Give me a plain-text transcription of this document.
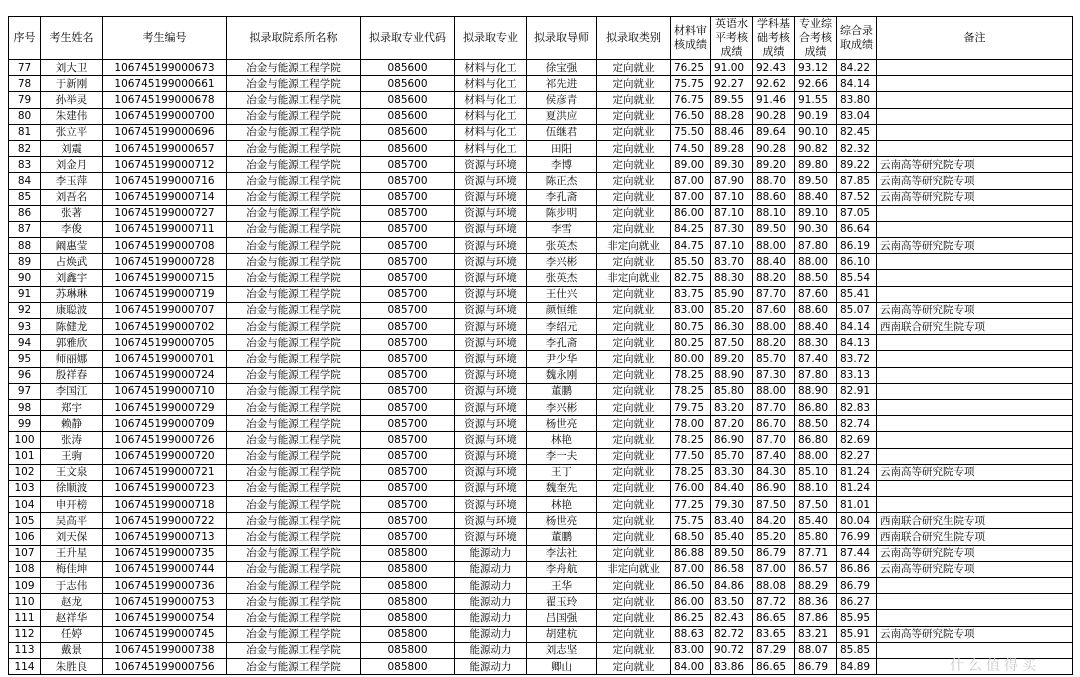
序号	考生姓名	考生编号	拟录取院系所名称	拟录取专业代码	拟录取专业	拟录取导师	拟录取类别	材料审核成绩	英语水平考核成绩	学科基础考核成绩	专业综合考核成绩	综合录取成绩	备注
77	刘大卫	106745199000673	冶金与能源工程学院	085600	材料与化工	徐宝强	定向就业	76.25	91.00	92.43	93.12	84.22	
78	于新刚	106745199000661	冶金与能源工程学院	085600	材料与化工	祁先进	定向就业	75.75	92.27	92.62	92.66	84.14	
79	孙举灵	106745199000678	冶金与能源工程学院	085600	材料与化工	侯彦青	定向就业	76.75	89.55	91.46	91.55	83.80	
80	朱建伟	106745199000700	冶金与能源工程学院	085600	材料与化工	夏洪应	定向就业	76.50	88.28	90.28	90.19	83.04	
81	张立平	106745199000696	冶金与能源工程学院	085600	材料与化工	伍继君	定向就业	75.50	88.46	89.64	90.10	82.45	
82	刘震	106745199000657	冶金与能源工程学院	085600	材料与化工	田阳	定向就业	74.50	89.28	90.28	90.82	82.32	
83	刘金月	106745199000712	冶金与能源工程学院	085700	资源与环境	李博	定向就业	89.00	89.30	89.20	89.80	89.22	云南高等研究院专项
84	李玉萍	106745199000716	冶金与能源工程学院	085700	资源与环境	陈正杰	定向就业	87.00	87.90	88.70	89.50	87.85	云南高等研究院专项
85	刘吾名	106745199000714	冶金与能源工程学院	085700	资源与环境	李孔斋	定向就业	87.00	87.10	88.60	88.40	87.52	云南高等研究院专项
86	张著	106745199000727	冶金与能源工程学院	085700	资源与环境	陈步明	定向就业	86.00	87.10	88.10	89.10	87.05	
87	李俊	106745199000711	冶金与能源工程学院	085700	资源与环境	李雪	定向就业	84.25	87.30	89.50	90.30	86.64	
88	阚惠莹	106745199000708	冶金与能源工程学院	085700	资源与环境	张英杰	非定向就业	84.75	87.10	88.00	87.80	86.19	云南高等研究院专项
89	占焕武	106745199000728	冶金与能源工程学院	085700	资源与环境	李兴彬	定向就业	85.50	83.70	88.40	88.00	86.10	
90	刘鑫宇	106745199000715	冶金与能源工程学院	085700	资源与环境	张英杰	非定向就业	82.75	88.30	88.20	88.50	85.54	
91	苏琳琳	106745199000719	冶金与能源工程学院	085700	资源与环境	王仕兴	定向就业	83.75	85.90	87.70	87.60	85.41	
92	康聪波	106745199000707	冶金与能源工程学院	085700	资源与环境	颜恒维	定向就业	83.00	85.20	87.60	88.60	85.07	云南高等研究院专项
93	陈健龙	106745199000702	冶金与能源工程学院	085700	资源与环境	李绍元	定向就业	80.75	86.30	88.00	88.40	84.14	西南联合研究生院专项
94	郭雅欣	106745199000705	冶金与能源工程学院	085700	资源与环境	李孔斋	定向就业	80.25	87.50	88.20	88.30	84.13	
95	师丽娜	106745199000701	冶金与能源工程学院	085700	资源与环境	尹少华	定向就业	80.00	89.20	85.70	87.40	83.72	
96	殷祥春	106745199000724	冶金与能源工程学院	085700	资源与环境	魏永刚	定向就业	78.25	88.90	87.30	87.80	83.13	
97	李国江	106745199000710	冶金与能源工程学院	085700	资源与环境	董鹏	定向就业	78.25	85.80	88.00	88.90	82.91	
98	郑宇	106745199000729	冶金与能源工程学院	085700	资源与环境	李兴彬	定向就业	79.75	83.20	87.70	86.80	82.83	
99	赖静	106745199000709	冶金与能源工程学院	085700	资源与环境	杨世亮	定向就业	78.00	87.20	86.70	88.50	82.74	
100	张涛	106745199000726	冶金与能源工程学院	085700	资源与环境	林艳	定向就业	78.25	86.90	87.70	86.80	82.69	
101	王驹	106745199000720	冶金与能源工程学院	085700	资源与环境	李一夫	定向就业	77.50	85.70	87.40	88.00	82.27	
102	王文泉	106745199000721	冶金与能源工程学院	085700	资源与环境	王丁	定向就业	78.25	83.30	84.30	85.10	81.24	云南高等研究院专项
103	徐顺波	106745199000723	冶金与能源工程学院	085700	资源与环境	魏奎先	定向就业	76.00	84.40	86.90	88.10	81.24	
104	申开榜	106745199000718	冶金与能源工程学院	085700	资源与环境	林艳	定向就业	77.25	79.30	87.50	87.50	81.01	
105	吴高平	106745199000722	冶金与能源工程学院	085700	资源与环境	杨世亮	定向就业	75.75	83.40	84.20	85.40	80.04	西南联合研究生院专项
106	刘天保	106745199000713	冶金与能源工程学院	085700	资源与环境	董鹏	定向就业	68.50	85.40	85.20	85.80	76.99	西南联合研究生院专项
107	王升星	106745199000735	冶金与能源工程学院	085800	能源动力	李法社	定向就业	86.88	89.50	86.79	87.71	87.44	云南高等研究院专项
108	梅佳坤	106745199000744	冶金与能源工程学院	085800	能源动力	李舟航	非定向就业	87.00	86.58	87.00	86.57	86.86	云南高等研究院专项
109	于志伟	106745199000736	冶金与能源工程学院	085800	能源动力	王华	定向就业	86.50	84.86	88.08	88.29	86.79	
110	赵龙	106745199000753	冶金与能源工程学院	085800	能源动力	翟玉玲	定向就业	86.00	83.50	87.72	88.36	86.27	
111	赵祥华	106745199000754	冶金与能源工程学院	085800	能源动力	吕国强	定向就业	86.25	82.43	86.65	87.86	85.95	
112	任婷	106745199000745	冶金与能源工程学院	085800	能源动力	胡建杭	定向就业	88.63	82.72	83.65	83.21	85.91	云南高等研究院专项
113	戴景	106745199000738	冶金与能源工程学院	085800	能源动力	刘志坚	定向就业	83.00	90.72	87.29	88.07	85.85	
114	朱胜良	106745199000756	冶金与能源工程学院	085800	能源动力	卿山	定向就业	84.00	83.86	86.65	86.79	84.89		什么值得买
